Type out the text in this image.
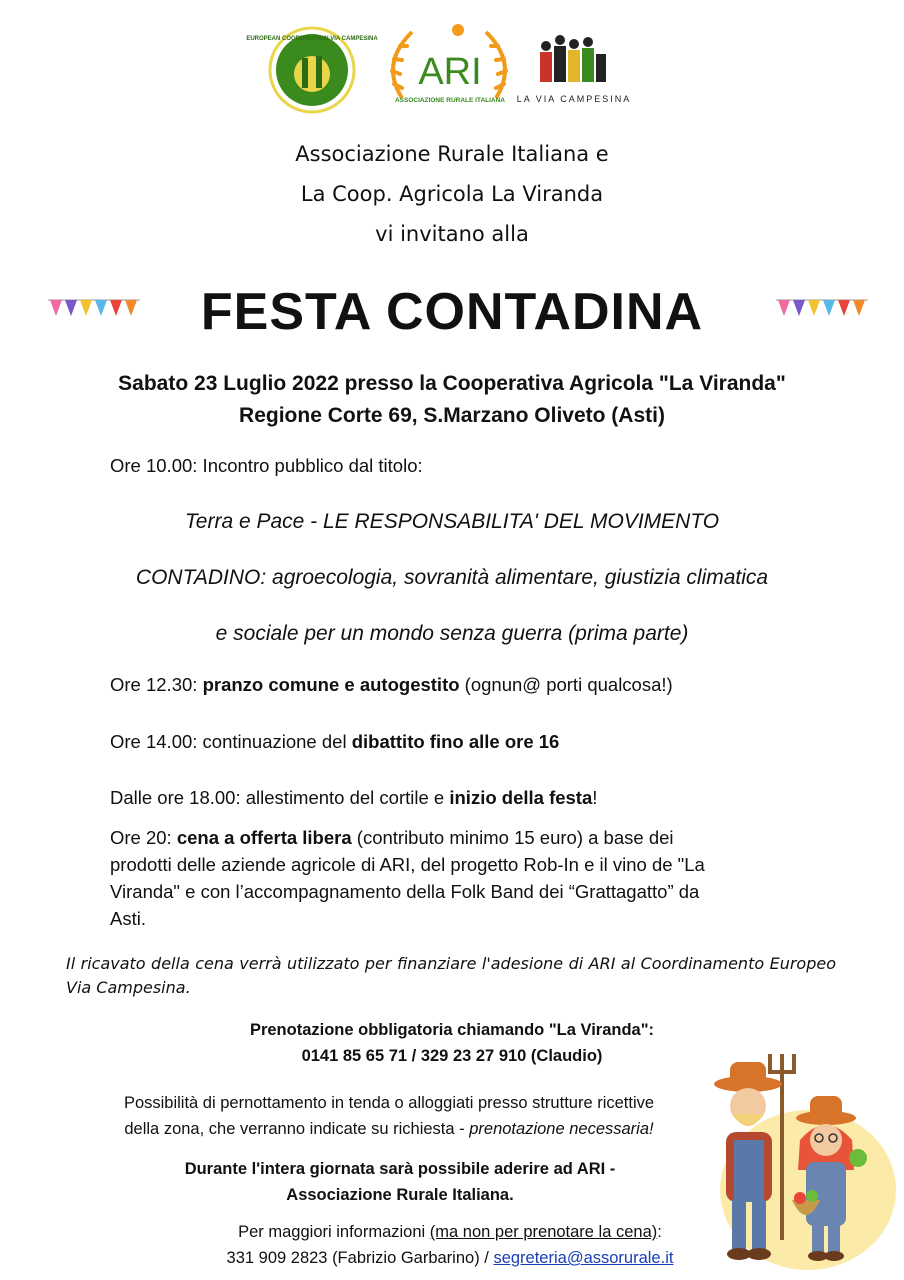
EUROPEAN COORDINATION VIA CAMPESINA
ARI
ASSOCIAZIONE RURALE ITALIANA LA VIA CAMPESINA
Associazione Rurale Italiana e
La Coop. Agricola La Viranda
vi invitano alla
FESTA CONTADINA
Sabato 23 Luglio 2022 presso la Cooperativa Agricola "La Viranda"
Regione Corte 69, S.Marzano Oliveto (Asti)
Ore 10.00: Incontro pubblico dal titolo:
Terra e Pace - LE RESPONSABILITA' DEL MOVIMENTO
CONTADINO: agroecologia, sovranità alimentare, giustizia climatica
e sociale per un mondo senza guerra (prima parte)
Ore 12.30: pranzo comune e autogestito (ognun@ porti qualcosa!)
Ore 14.00: continuazione del dibattito fino alle ore 16
Dalle ore 18.00: allestimento del cortile e inizio della festa!
Ore 20: cena a offerta libera (contributo minimo 15 euro) a base dei
prodotti delle aziende agricole di ARI, del progetto Rob-In e il vino de "La
Viranda" e con l’accompagnamento della Folk Band dei “Grattagatto” da
Asti.
Il ricavato della cena verrà utilizzato per finanziare l'adesione di ARI al Coordinamento Europeo Via Campesina.
Prenotazione obbligatoria chiamando "La Viranda":
0141 85 65 71 / 329 23 27 910 (Claudio)
Possibilità di pernottamento in tenda o alloggiati presso strutture ricettive
della zona, che verranno indicate su richiesta - prenotazione necessaria!
Durante l'intera giornata sarà possibile aderire ad ARI -
Associazione Rurale Italiana.
Per maggiori informazioni (ma non per prenotare la cena):
331 909 2823 (Fabrizio Garbarino) / segreteria@assorurale.it
